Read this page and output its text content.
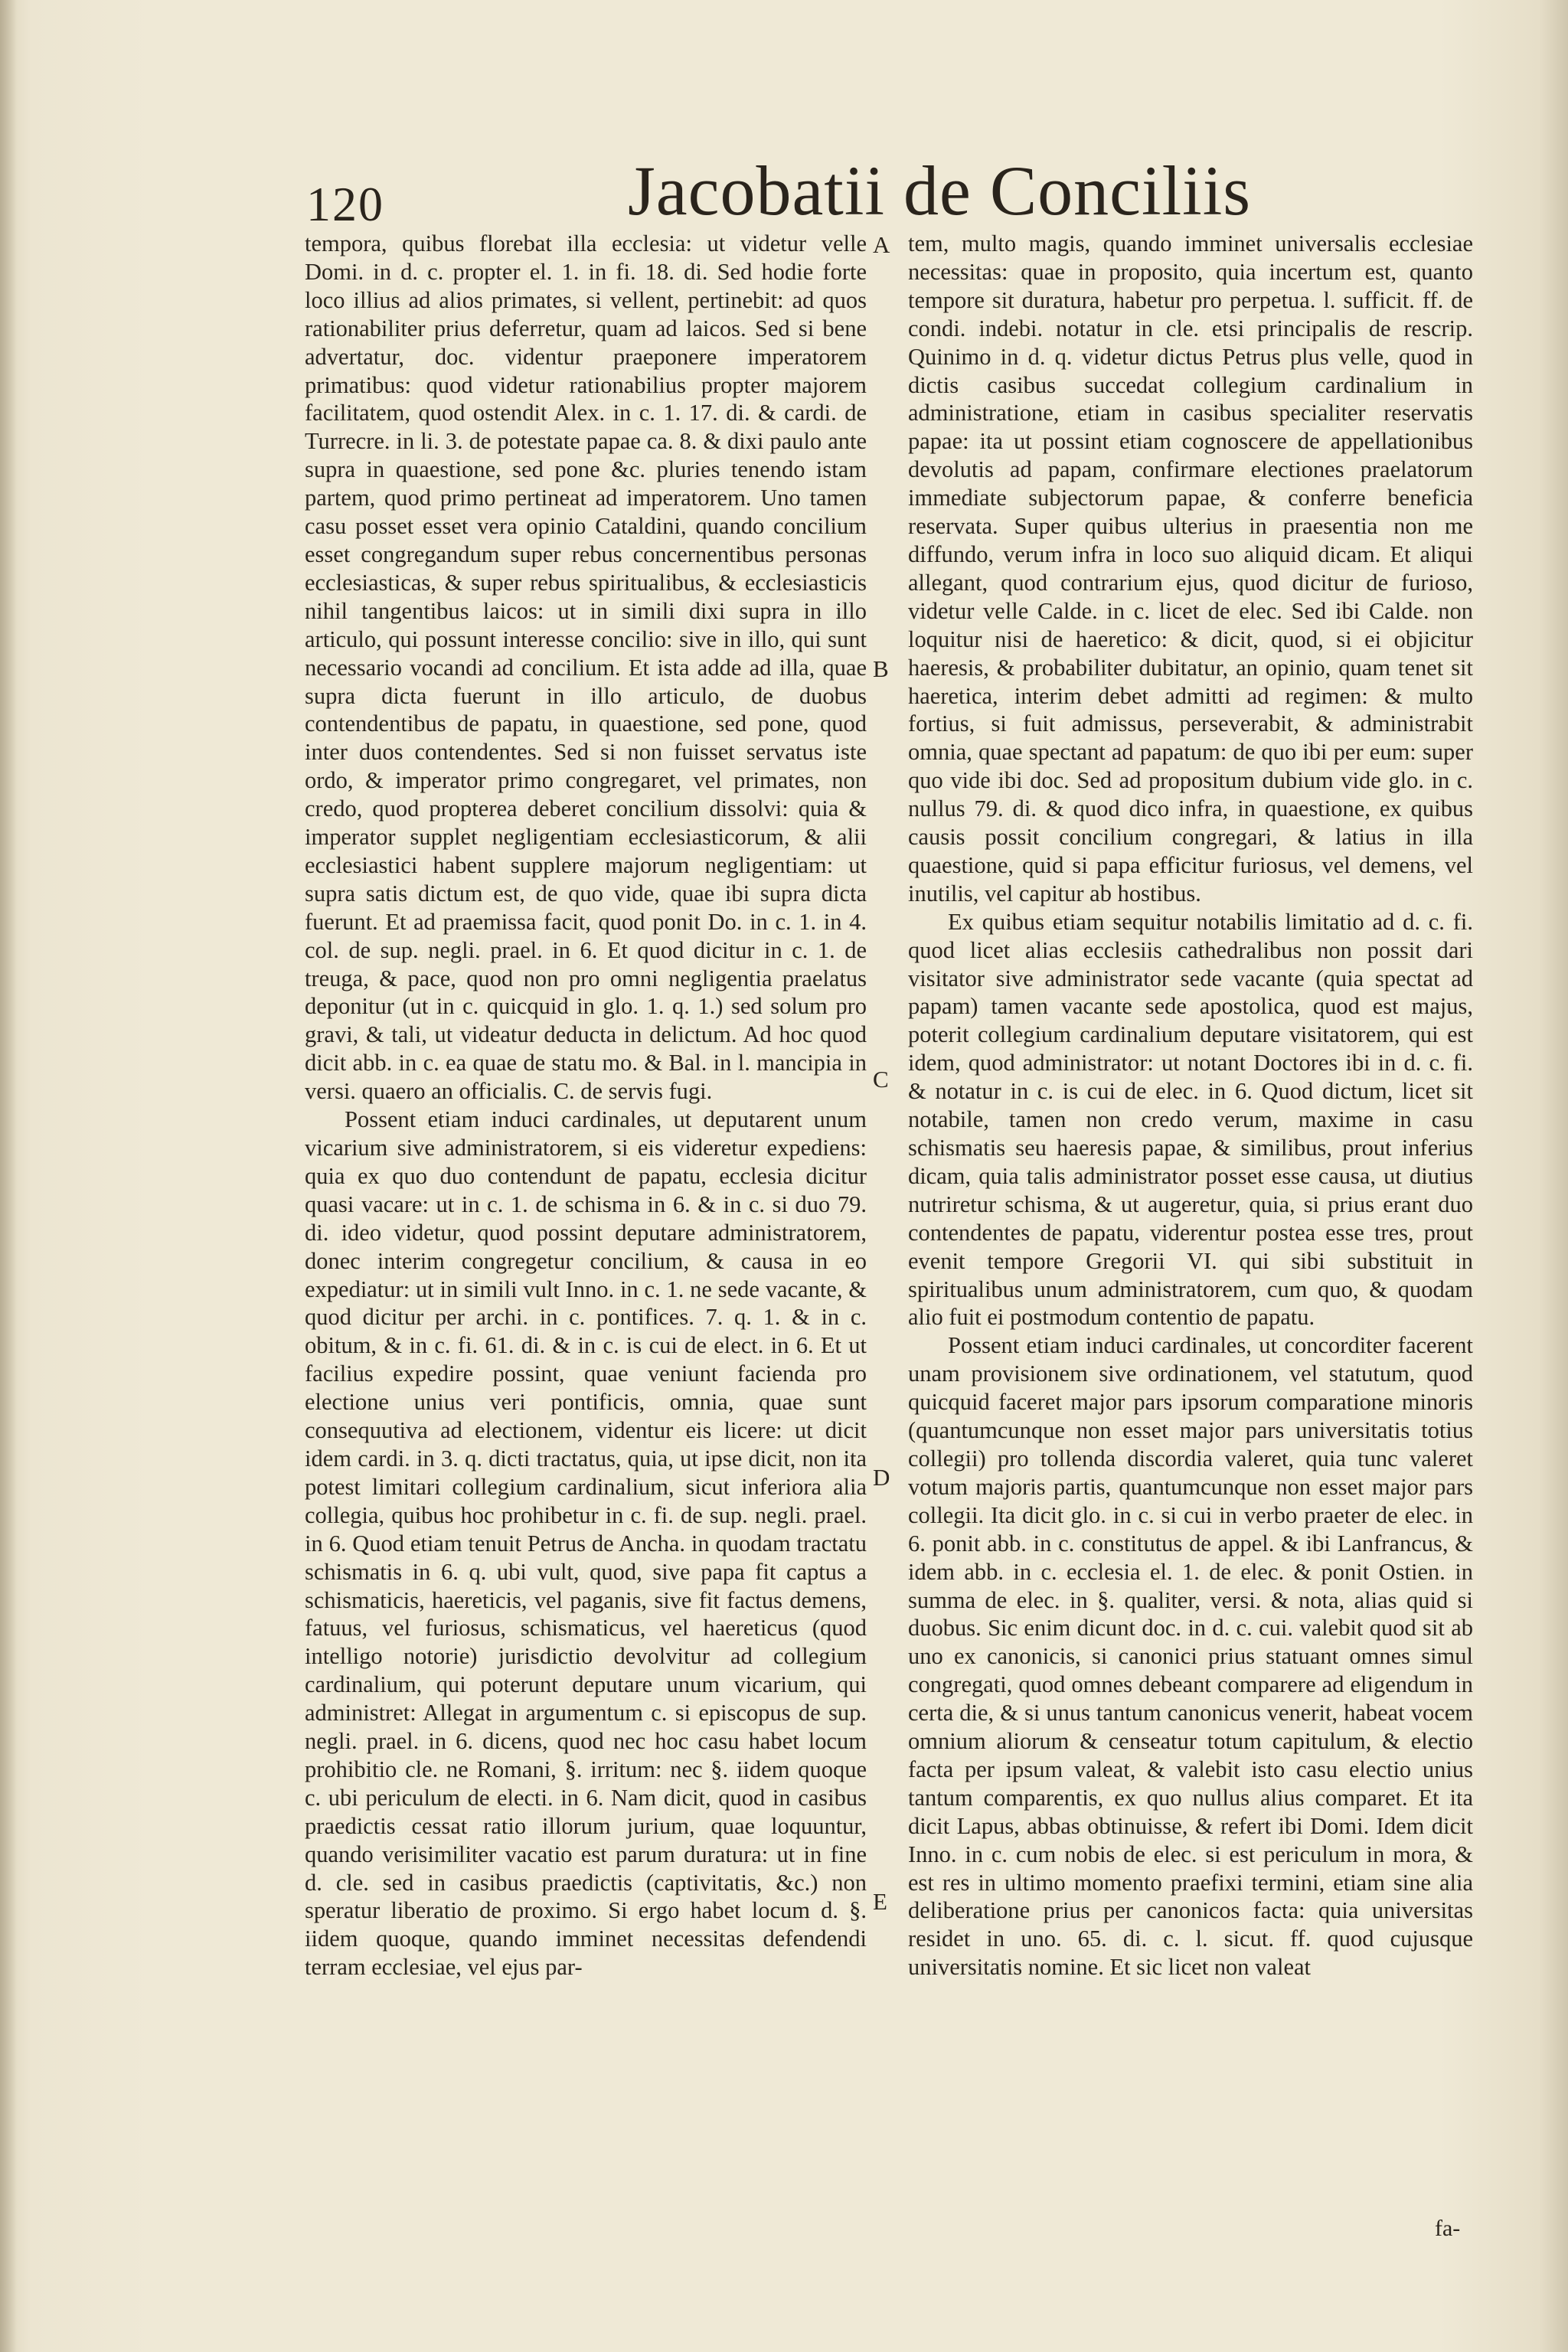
120	Jacobatii de Conciliis

tempora, quibus florebat illa ecclesia: ut videtur velle Domi. in d. c. propter el. 1. in fi. 18. di. Sed hodie forte loco illius ad alios primates, si vellent, pertinebit: ad quos rationabiliter prius deferretur, quam ad laicos. Sed si bene advertatur, doc. videntur praeponere imperatorem primatibus: quod videtur rationabilius propter majorem facilitatem, quod ostendit Alex. in c. 1. 17. di. & cardi. de Turrecre. in li. 3. de potestate papae ca. 8. & dixi paulo ante supra in quaestione, sed pone &c. pluries tenendo istam partem, quod primo pertineat ad imperatorem. Uno tamen casu posset esset vera opinio Cataldini, quando concilium esset congregandum super rebus concernentibus personas ecclesiasticas, & super rebus spiritualibus, & ecclesiasticis nihil tangentibus laicos: ut in simili dixi supra in illo articulo, qui possunt interesse concilio: sive in illo, qui sunt necessario vocandi ad concilium. Et ista adde ad illa, quae supra dicta fuerunt in illo articulo, de duobus contendentibus de papatu, in quaestione, sed pone, quod inter duos contendentes. Sed si non fuisset servatus iste ordo, & imperator primo congregaret, vel primates, non credo, quod propterea deberet concilium dissolvi: quia & imperator supplet negligentiam ecclesiasticorum, & alii ecclesiastici habent supplere majorum negligentiam: ut supra satis dictum est, de quo vide, quae ibi supra dicta fuerunt. Et ad praemissa facit, quod ponit Do. in c. 1. in 4. col. de sup. negli. prael. in 6. Et quod dicitur in c. 1. de treuga, & pace, quod non pro omni negligentia praelatus deponitur (ut in c. quicquid in glo. 1. q. 1.) sed solum pro gravi, & tali, ut videatur deducta in delictum. Ad hoc quod dicit abb. in c. ea quae de statu mo. & Bal. in l. mancipia in versi. quaero an officialis. C. de servis fugi.

Possent etiam induci cardinales, ut deputarent unum vicarium sive administratorem, si eis videretur expediens: quia ex quo duo contendunt de papatu, ecclesia dicitur quasi vacare: ut in c. 1. de schisma in 6. & in c. si duo 79. di. ideo videtur, quod possint deputare administratorem, donec interim congregetur concilium, & causa in eo expediatur: ut in simili vult Inno. in c. 1. ne sede vacante, & quod dicitur per archi. in c. pontifices. 7. q. 1. & in c. obitum, & in c. fi. 61. di. & in c. is cui de elect. in 6. Et ut facilius expedire possint, quae veniunt facienda pro electione unius veri pontificis, omnia, quae sunt consequutiva ad electionem, videntur eis licere: ut dicit idem cardi. in 3. q. dicti tractatus, quia, ut ipse dicit, non ita potest limitari collegium cardinalium, sicut inferiora alia collegia, quibus hoc prohibetur in c. fi. de sup. negli. prael. in 6. Quod etiam tenuit Petrus de Ancha. in quodam tractatu schismatis in 6. q. ubi vult, quod, sive papa fit captus a schismaticis, haereticis, vel paganis, sive fit factus demens, fatuus, vel furiosus, schismaticus, vel haereticus (quod intelligo notorie) jurisdictio devolvitur ad collegium cardinalium, qui poterunt deputare unum vicarium, qui administret: Allegat in argumentum c. si episcopus de sup. negli. prael. in 6. dicens, quod nec hoc casu habet locum prohibitio cle. ne Romani, §. irritum: nec §. iidem quoque c. ubi periculum de electi. in 6. Nam dicit, quod in casibus praedictis cessat ratio illorum jurium, quae loquuntur, quando verisimiliter vacatio est parum duratura: ut in fine d. cle. sed in casibus praedictis (captivitatis, &c.) non speratur liberatio de proximo. Si ergo habet locum d. §. iidem quoque, quando imminet necessitas defendendi terram ecclesiae, vel ejus par-

A
B
C
D
E

tem, multo magis, quando imminet universalis ecclesiae necessitas: quae in proposito, quia incertum est, quanto tempore sit duratura, habetur pro perpetua. l. sufficit. ff. de condi. indebi. notatur in cle. etsi principalis de rescrip. Quinimo in d. q. videtur dictus Petrus plus velle, quod in dictis casibus succedat collegium cardinalium in administratione, etiam in casibus specialiter reservatis papae: ita ut possint etiam cognoscere de appellationibus devolutis ad papam, confirmare electiones praelatorum immediate subjectorum papae, & conferre beneficia reservata. Super quibus ulterius in praesentia non me diffundo, verum infra in loco suo aliquid dicam. Et aliqui allegant, quod contrarium ejus, quod dicitur de furioso, videtur velle Calde. in c. licet de elec. Sed ibi Calde. non loquitur nisi de haeretico: & dicit, quod, si ei objicitur haeresis, & probabiliter dubitatur, an opinio, quam tenet sit haeretica, interim debet admitti ad regimen: & multo fortius, si fuit admissus, perseverabit, & administrabit omnia, quae spectant ad papatum: de quo ibi per eum: super quo vide ibi doc. Sed ad propositum dubium vide glo. in c. nullus 79. di. & quod dico infra, in quaestione, ex quibus causis possit concilium congregari, & latius in illa quaestione, quid si papa efficitur furiosus, vel demens, vel inutilis, vel capitur ab hostibus.

Ex quibus etiam sequitur notabilis limitatio ad d. c. fi. quod licet alias ecclesiis cathedralibus non possit dari visitator sive administrator sede vacante (quia spectat ad papam) tamen vacante sede apostolica, quod est majus, poterit collegium cardinalium deputare visitatorem, qui est idem, quod administrator: ut notant Doctores ibi in d. c. fi. & notatur in c. is cui de elec. in 6. Quod dictum, licet sit notabile, tamen non credo verum, maxime in casu schismatis seu haeresis papae, & similibus, prout inferius dicam, quia talis administrator posset esse causa, ut diutius nutriretur schisma, & ut augeretur, quia, si prius erant duo contendentes de papatu, viderentur postea esse tres, prout evenit tempore Gregorii VI. qui sibi substituit in spiritualibus unum administratorem, cum quo, & quodam alio fuit ei postmodum contentio de papatu.

Possent etiam induci cardinales, ut concorditer facerent unam provisionem sive ordinationem, vel statutum, quod quicquid faceret major pars ipsorum comparatione minoris (quantumcunque non esset major pars universitatis totius collegii) pro tollenda discordia valeret, quia tunc valeret votum majoris partis, quantumcunque non esset major pars collegii. Ita dicit glo. in c. si cui in verbo praeter de elec. in 6. ponit abb. in c. constitutus de appel. & ibi Lanfrancus, & idem abb. in c. ecclesia el. 1. de elec. & ponit Ostien. in summa de elec. in §. qualiter, versi. & nota, alias quid si duobus. Sic enim dicunt doc. in d. c. cui. valebit quod sit ab uno ex canonicis, si canonici prius statuant omnes simul congregati, quod omnes debeant comparere ad eligendum in certa die, & si unus tantum canonicus venerit, habeat vocem omnium aliorum & censeatur totum capitulum, & electio facta per ipsum valeat, & valebit isto casu electio unius tantum comparentis, ex quo nullus alius comparet. Et ita dicit Lapus, abbas obtinuisse, & refert ibi Domi. Idem dicit Inno. in c. cum nobis de elec. si est periculum in mora, & est res in ultimo momento praefixi termini, etiam sine alia deliberatione prius per canonicos facta: quia universitas residet in uno. 65. di. c. l. sicut. ff. quod cujusque universitatis nomine. Et sic licet non valeat

fa-
